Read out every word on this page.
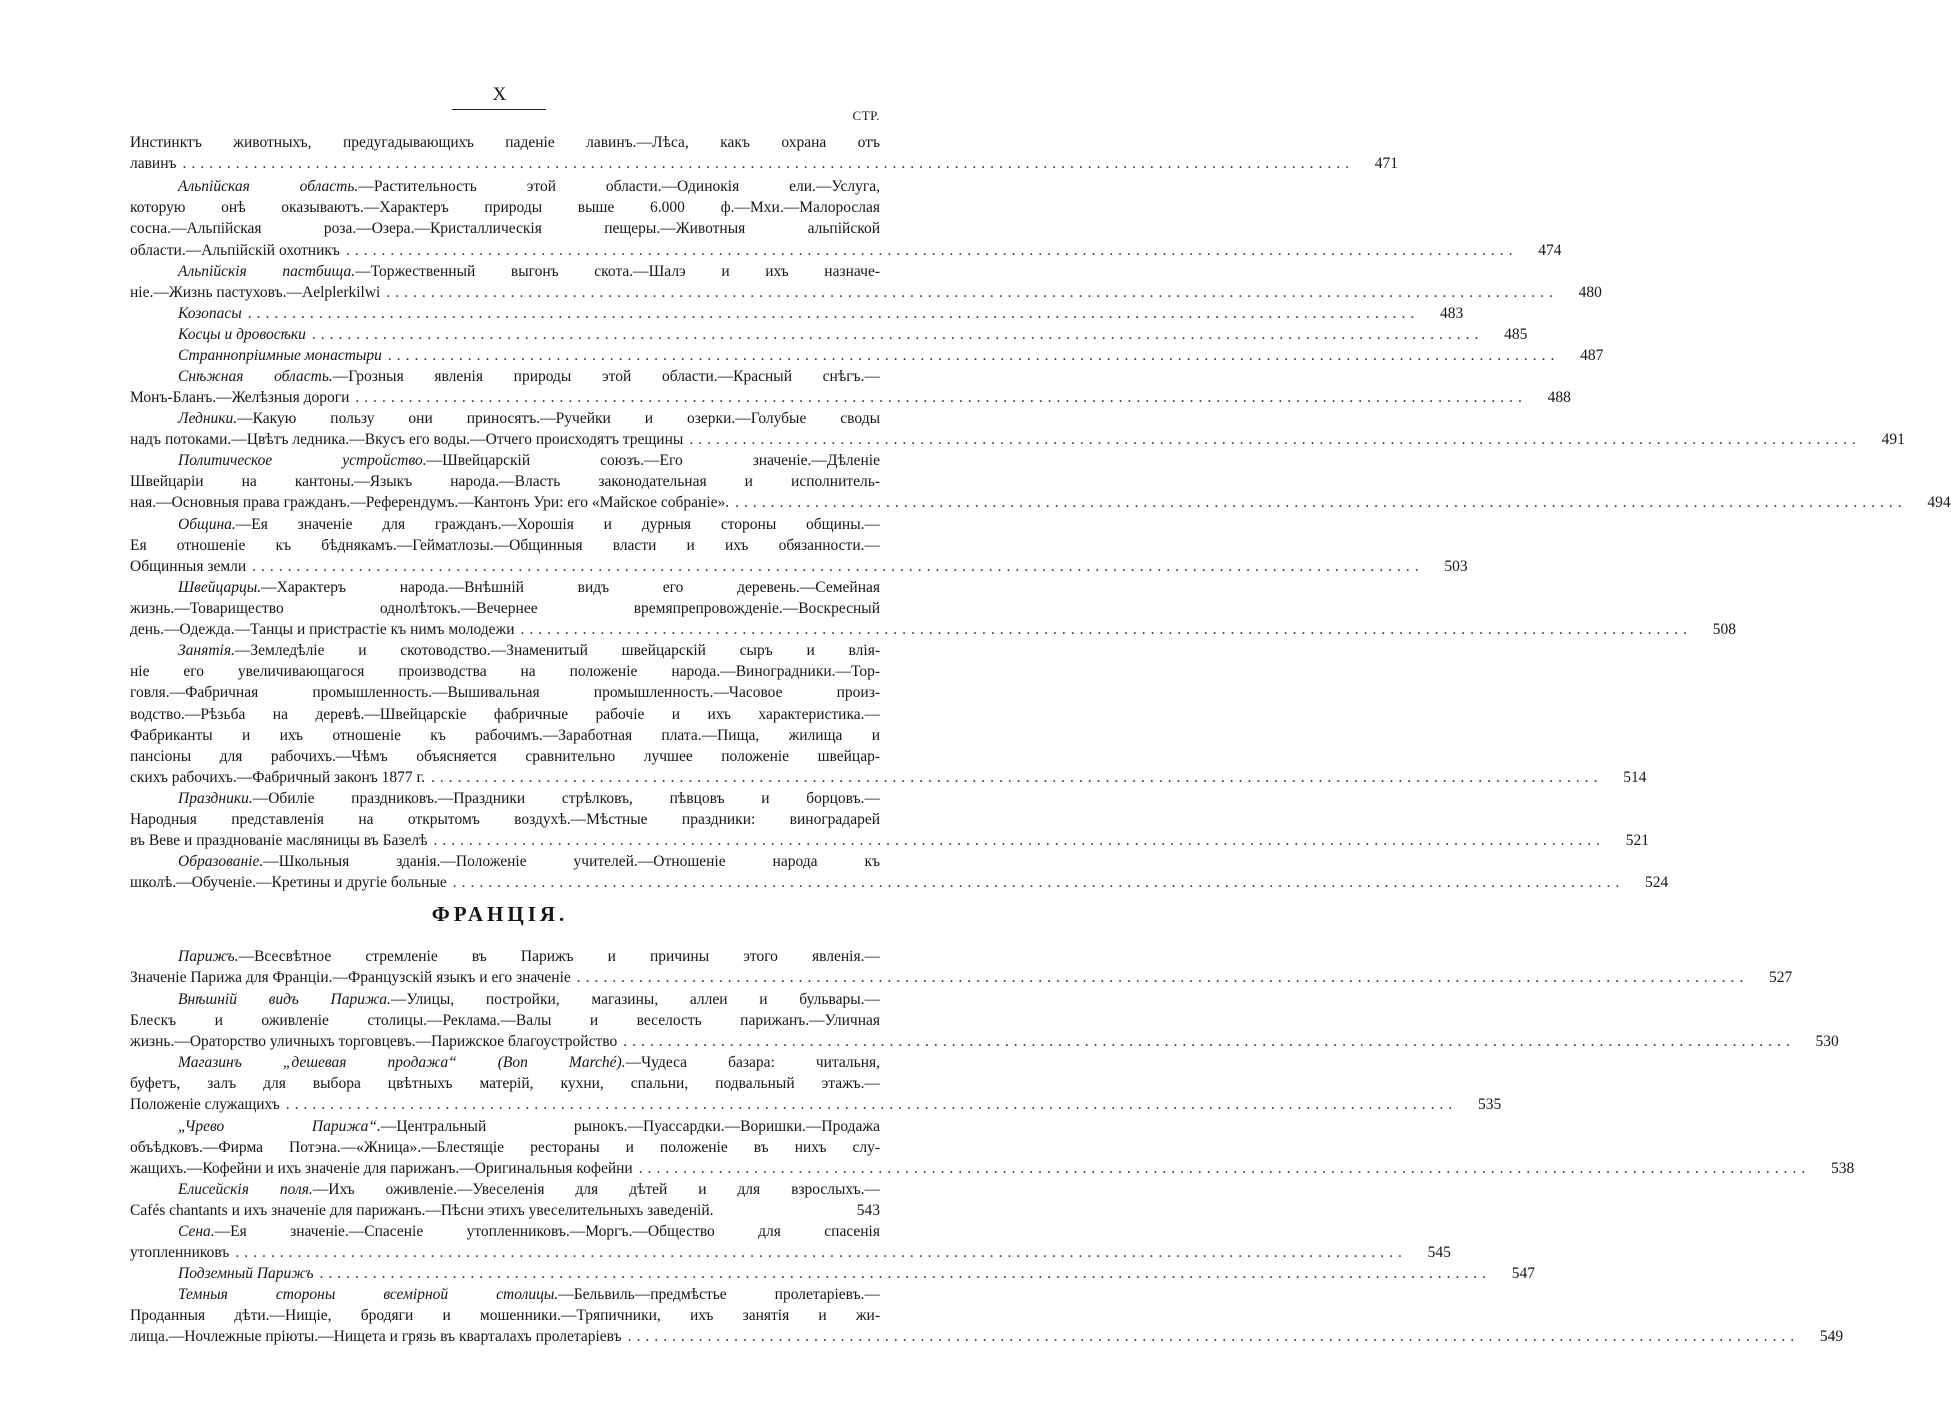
X
СТР.
Инстинктъ животныхъ, предугадывающихъ паденіе лавинъ.—Лѣса, какъ охрана отъ
лавинъ ....................................................................................................................................	471
Альпійская область.—Растительность этой области.—Одинокія ели.—Услуга,
которую онѣ оказываютъ.—Характеръ природы выше 6.000 ф.—Мхи.—Малорослая
сосна.—Альпійская роза.—Озера.—Кристаллическія пещеры.—Животныя альпійской
области.—Альпійскій охотникъ ....................................................................................................................................	474
Альпійскія пастбища.—Торжественный выгонъ скота.—Шалэ и ихъ назначе-
ніе.—Жизнь пастуховъ.—Aelplerkilwi ....................................................................................................................................	480
Козопасы ....................................................................................................................................	483
Косцы и дровосѣки ....................................................................................................................................	485
Страннопріимные монастыри ....................................................................................................................................	487
Снѣжная область.—Грозныя явленія природы этой области.—Красный снѣгъ.—
Монъ-Бланъ.—Желѣзныя дороги ....................................................................................................................................	488
Ледники.—Какую пользу они приносятъ.—Ручейки и озерки.—Голубые своды
надъ потоками.—Цвѣтъ ледника.—Вкусъ его воды.—Отчего происходятъ трещины ....................................................................................................................................	491
Политическое устройство.—Швейцарскій союзъ.—Его значеніе.—Дѣленіе
Швейцаріи на кантоны.—Языкъ народа.—Власть законодательная и исполнитель-
ная.—Основныя права гражданъ.—Референдумъ.—Кантонъ Ури: его «Майское собраніе». ....................................................................................................................................	494
Община.—Ея значеніе для гражданъ.—Хорошія и дурныя стороны общины.—
Ея отношеніе къ бѣднякамъ.—Гейматлозы.—Общинныя власти и ихъ обязанности.—
Общинныя земли ....................................................................................................................................	503
Швейцарцы.—Характеръ народа.—Внѣшній видъ его деревень.—Семейная
жизнь.—Товарищество однолѣтокъ.—Вечернее времяпрепровожденіе.—Воскресный
день.—Одежда.—Танцы и пристрастіе къ нимъ молодежи ....................................................................................................................................	508
Занятія.—Земледѣліе и скотоводство.—Знаменитый швейцарскій сыръ и влія-
ніе его увеличивающагося производства на положеніе народа.—Виноградники.—Тор-
говля.—Фабричная промышленность.—Вышивальная промышленность.—Часовое произ-
водство.—Рѣзьба на деревѣ.—Швейцарскіе фабричные рабочіе и ихъ характеристика.—
Фабриканты и ихъ отношеніе къ рабочимъ.—Заработная плата.—Пища, жилища и
пансіоны для рабочихъ.—Чѣмъ объясняется сравнительно лучшее положеніе швейцар-
скихъ рабочихъ.—Фабричный законъ 1877 г. ....................................................................................................................................	514
Праздники.—Обиліе праздниковъ.—Праздники стрѣлковъ, пѣвцовъ и борцовъ.—
Народныя представленія на открытомъ воздухѣ.—Мѣстные праздники: виноградарей
въ Веве и празднованіе масляницы въ Базелѣ ....................................................................................................................................	521
Образованіе.—Школьныя зданія.—Положеніе учителей.—Отношеніе народа къ
школѣ.—Обученіе.—Кретины и другіе больные ....................................................................................................................................	524
ФРАНЦІЯ.
Парижъ.—Всесвѣтное стремленіе въ Парижъ и причины этого явленія.—
Значеніе Парижа для Франціи.—Французскій языкъ и его значеніе ....................................................................................................................................	527
Внѣшній видъ Парижа.—Улицы, постройки, магазины, аллеи и бульвары.—
Блескъ и оживленіе столицы.—Реклама.—Валы и веселость парижанъ.—Уличная
жизнь.—Ораторство уличныхъ торговцевъ.—Парижское благоустройство ....................................................................................................................................	530
Магазинъ „дешевая продажа“ (Bon Marché).—Чудеса базара: читальня,
буфетъ, залъ для выбора цвѣтныхъ матерій, кухни, спальни, подвальный этажъ.—
Положеніе служащихъ ....................................................................................................................................	535
„Чрево Парижа“.—Центральный рынокъ.—Пуассардки.—Воришки.—Продажа
объѣдковъ.—Фирма Потэна.—«Жница».—Блестящіе рестораны и положеніе въ нихъ слу-
жащихъ.—Кофейни и ихъ значеніе для парижанъ.—Оригинальныя кофейни ....................................................................................................................................	538
Елисейскія поля.—Ихъ оживленіе.—Увеселенія для дѣтей и для взрослыхъ.—
Cafés chantants и ихъ значеніе для парижанъ.—Пѣсни этихъ увеселительныхъ заведеній.	543
Сена.—Ея значеніе.—Спасеніе утопленниковъ.—Моргъ.—Общество для спасенія
утопленниковъ ....................................................................................................................................	545
Подземный Парижъ ....................................................................................................................................	547
Темныя стороны всемірной столицы.—Бельвиль—предмѣстье пролетаріевъ.—
Проданныя дѣти.—Нищіе, бродяги и мошенники.—Тряпичники, ихъ занятія и жи-
лища.—Ночлежные пріюты.—Нищета и грязь въ кварталахъ пролетаріевъ ....................................................................................................................................	549
